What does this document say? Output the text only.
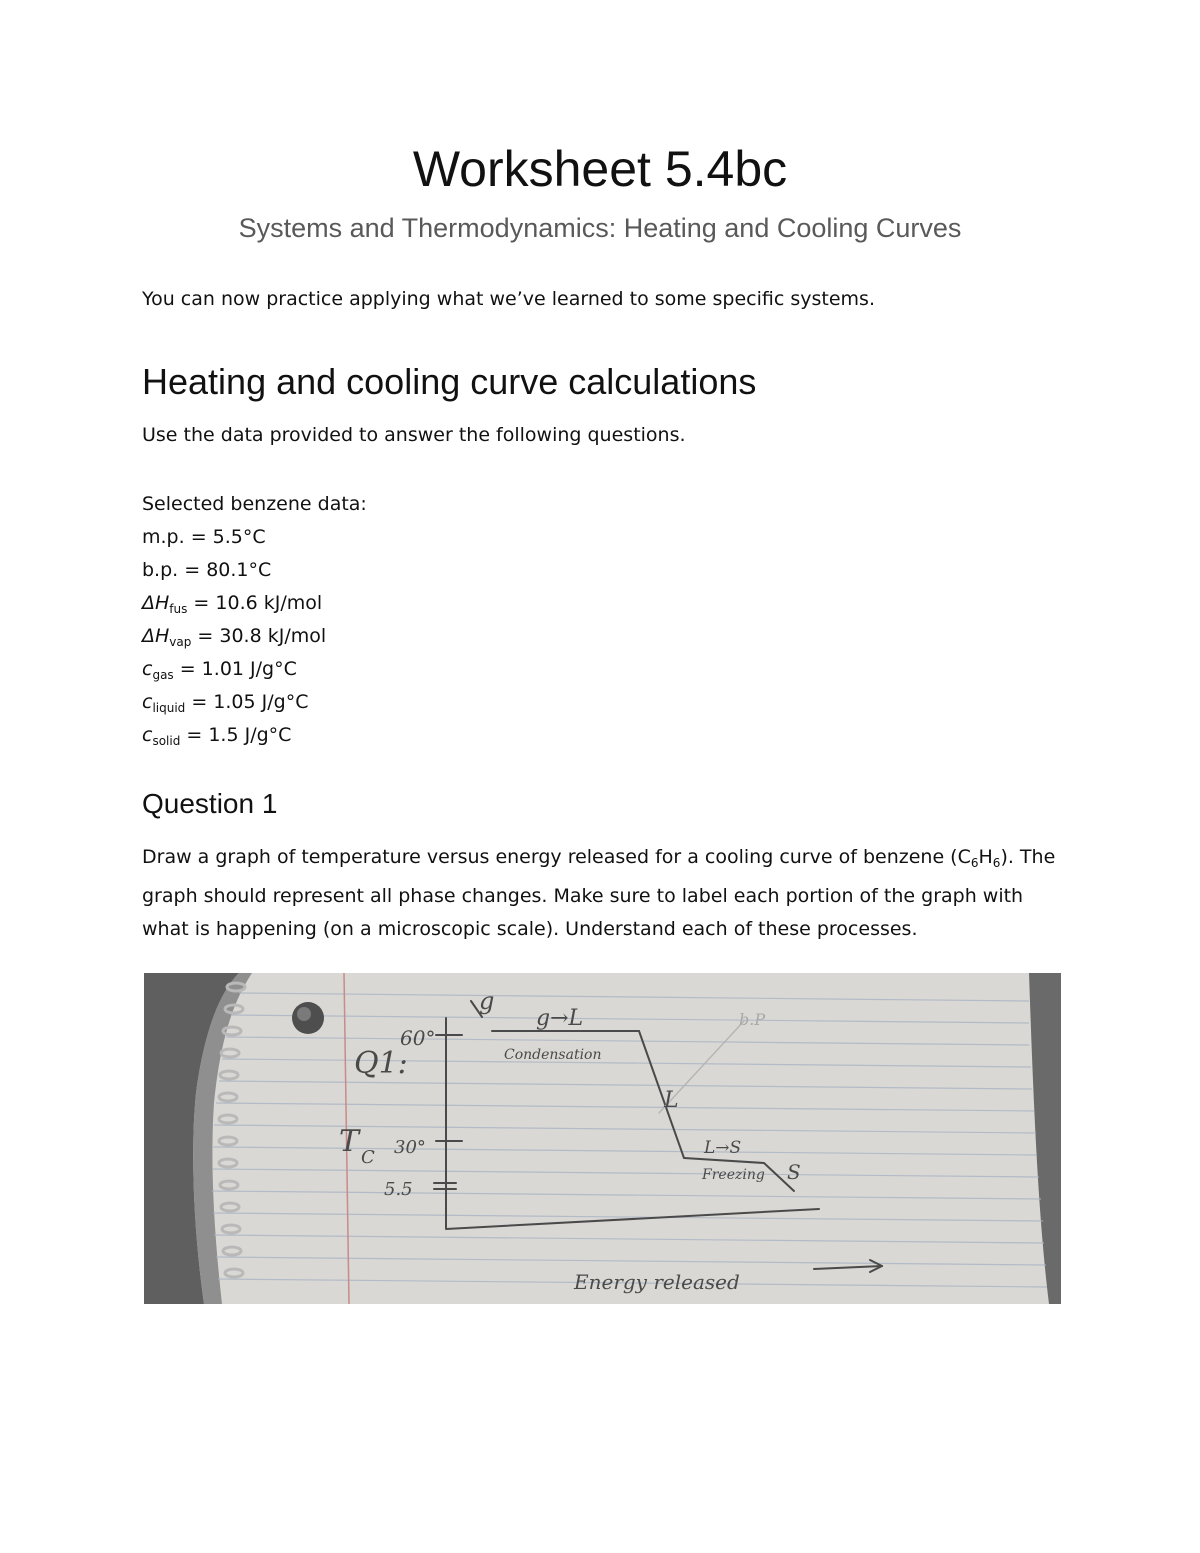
Worksheet 5.4bc
Systems and Thermodynamics: Heating and Cooling Curves

You can now practice applying what we’ve learned to some specific systems.

Heating and cooling curve calculations

Use the data provided to answer the following questions.

Selected benzene data:
m.p. = 5.5°C
b.p. = 80.1°C
$\Delta H_{fus} = 10.6$ kJ/mol
$\Delta H_{vap} = 30.8$ kJ/mol
$c_{gas} = 1.01$ J/g°C
$c_{liquid} = 1.05$ J/g°C
$c_{solid} = 1.5$ J/g°C
Question 1

Draw a graph of temperature versus energy released for a cooling curve of benzene $(C_6H_6)$. The graph should represent all phase changes. Make sure to label each portion of the graph with what is happening (on a microscopic scale). Understand each of these processes.

Q1:
T C
60°
30°
5.5
g
g→L
Condensation
L
L→S
Freezing S
b.P
Energy released
